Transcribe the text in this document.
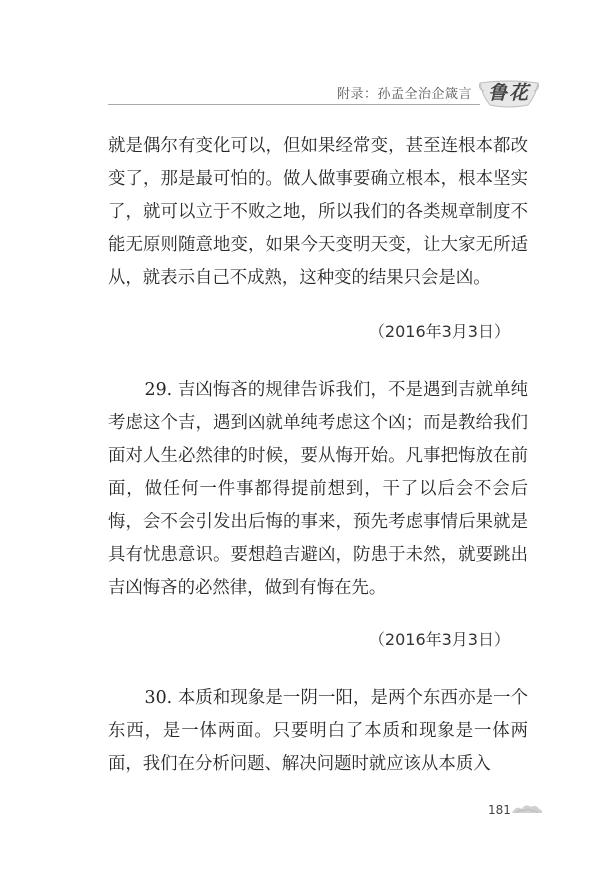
附录：孙孟全治企箴言 鲁花

就是偶尔有变化可以，但如果经常变，甚至连根本都改变了，那是最可怕的。做人做事要确立根本，根本坚实了，就可以立于不败之地，所以我们的各类规章制度不能无原则随意地变，如果今天变明天变，让大家无所适从，就表示自己不成熟，这种变的结果只会是凶。

（2016年3月3日）

29. 吉凶悔吝的规律告诉我们，不是遇到吉就单纯考虑这个吉，遇到凶就单纯考虑这个凶；而是教给我们面对人生必然律的时候，要从悔开始。凡事把悔放在前面，做任何一件事都得提前想到，干了以后会不会后悔，会不会引发出后悔的事来，预先考虑事情后果就是具有忧患意识。要想趋吉避凶，防患于未然，就要跳出吉凶悔吝的必然律，做到有悔在先。

（2016年3月3日）

30. 本质和现象是一阴一阳，是两个东西亦是一个东西，是一体两面。只要明白了本质和现象是一体两面，我们在分析问题、解决问题时就应该从本质入

181
